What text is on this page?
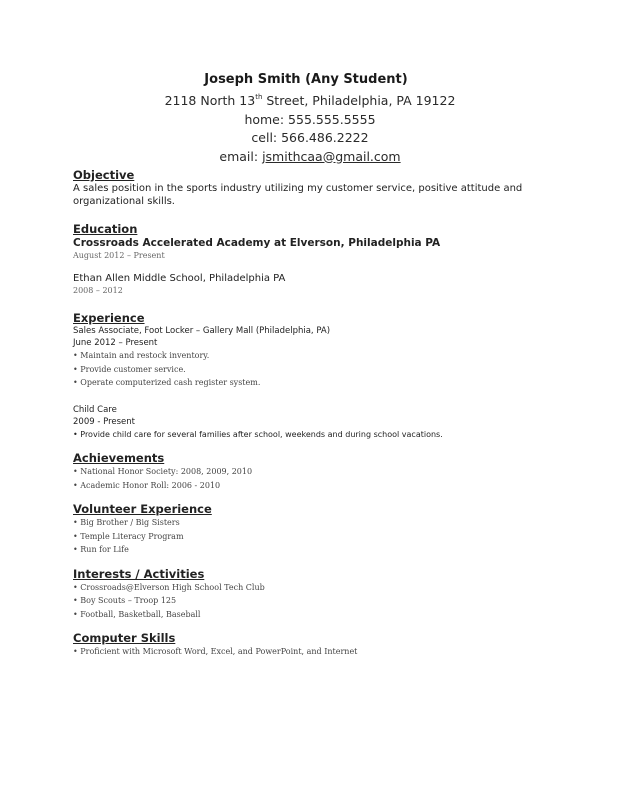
Joseph Smith (Any Student)
2118 North 13th Street, Philadelphia, PA 19122
home: 555.555.5555
cell: 566.486.2222
email: jsmithcaa@gmail.com
Objective
A sales position in the sports industry utilizing my customer service, positive attitude and organizational skills.
Education
Crossroads Accelerated Academy at Elverson, Philadelphia PA
August 2012 – Present
Ethan Allen Middle School, Philadelphia PA
2008 – 2012
Experience
Sales Associate, Foot Locker – Gallery Mall (Philadelphia, PA)
June 2012 – Present
• Maintain and restock inventory.
• Provide customer service.
• Operate computerized cash register system.
Child Care
2009 - Present
• Provide child care for several families after school, weekends and during school vacations.
Achievements
• National Honor Society: 2008, 2009, 2010
• Academic Honor Roll: 2006 - 2010
Volunteer Experience
• Big Brother / Big Sisters
• Temple Literacy Program
• Run for Life
Interests / Activities
• Crossroads@Elverson High School Tech Club
• Boy Scouts – Troop 125
• Football, Basketball, Baseball
Computer Skills
• Proficient with Microsoft Word, Excel, and PowerPoint, and Internet
